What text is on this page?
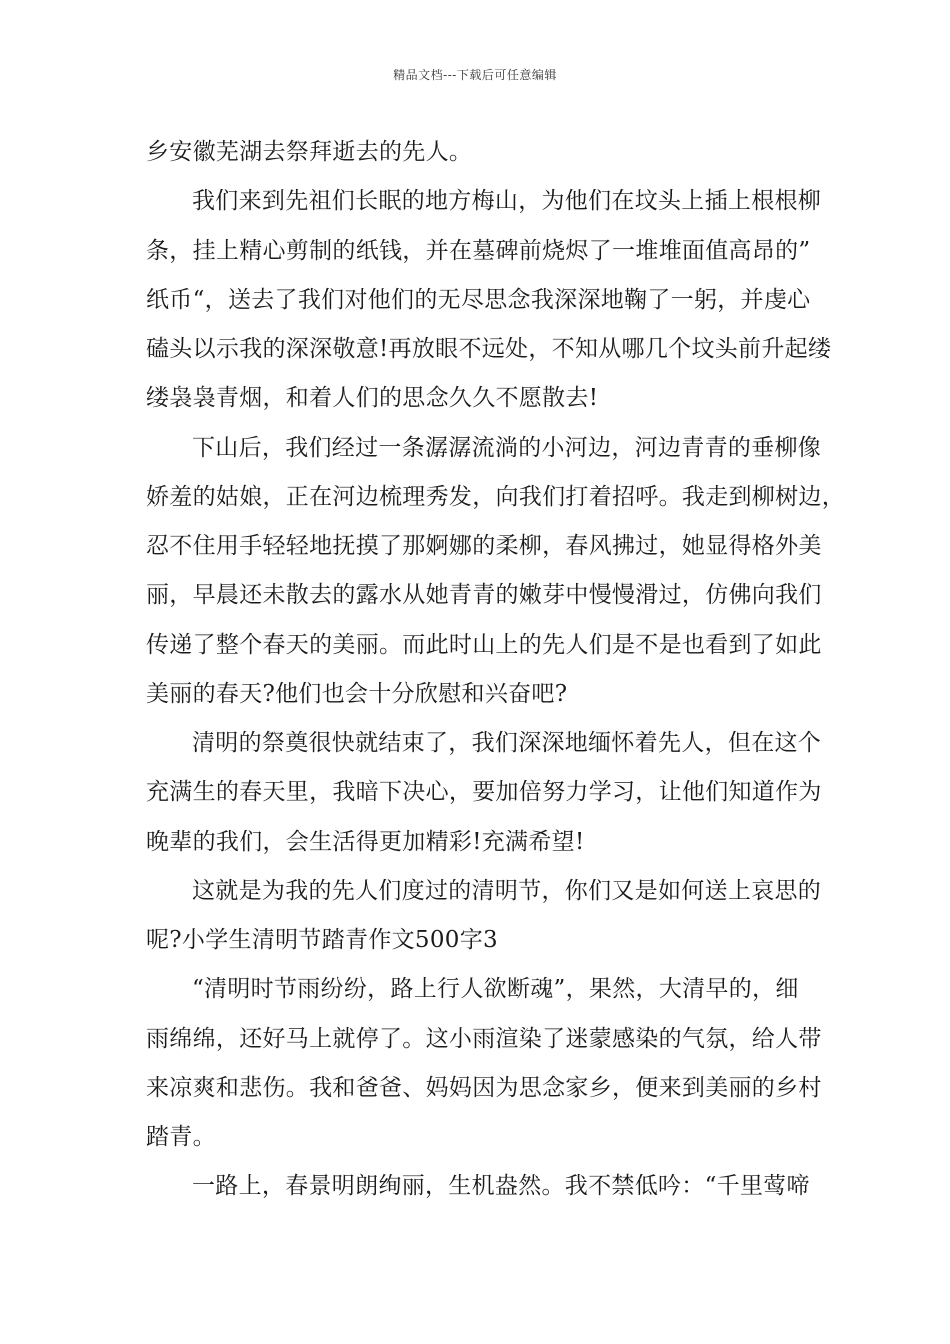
精品文档---下载后可任意编辑
乡安徽芜湖去祭拜逝去的先人。
我们来到先祖们长眠的地方梅山，为他们在坟头上插上根根柳
条，挂上精心剪制的纸钱，并在墓碑前烧烬了一堆堆面值高昂的”
纸币“，送去了我们对他们的无尽思念我深深地鞠了一躬，并虔心
磕头以示我的深深敬意!再放眼不远处，不知从哪几个坟头前升起缕
缕袅袅青烟，和着人们的思念久久不愿散去!
下山后，我们经过一条潺潺流淌的小河边，河边青青的垂柳像
娇羞的姑娘，正在河边梳理秀发，向我们打着招呼。我走到柳树边，
忍不住用手轻轻地抚摸了那婀娜的柔柳，春风拂过，她显得格外美
丽，早晨还未散去的露水从她青青的嫩芽中慢慢滑过，仿佛向我们
传递了整个春天的美丽。而此时山上的先人们是不是也看到了如此
美丽的春天?他们也会十分欣慰和兴奋吧?
清明的祭奠很快就结束了，我们深深地缅怀着先人，但在这个
充满生的春天里，我暗下决心，要加倍努力学习，让他们知道作为
晚辈的我们，会生活得更加精彩!充满希望!
这就是为我的先人们度过的清明节，你们又是如何送上哀思的
呢?小学生清明节踏青作文500字3
“清明时节雨纷纷，路上行人欲断魂”，果然，大清早的，细
雨绵绵，还好马上就停了。这小雨渲染了迷蒙感染的气氛，给人带
来凉爽和悲伤。我和爸爸、妈妈因为思念家乡，便来到美丽的乡村
踏青。
一路上，春景明朗绚丽，生机盎然。我不禁低吟：“千里莺啼
